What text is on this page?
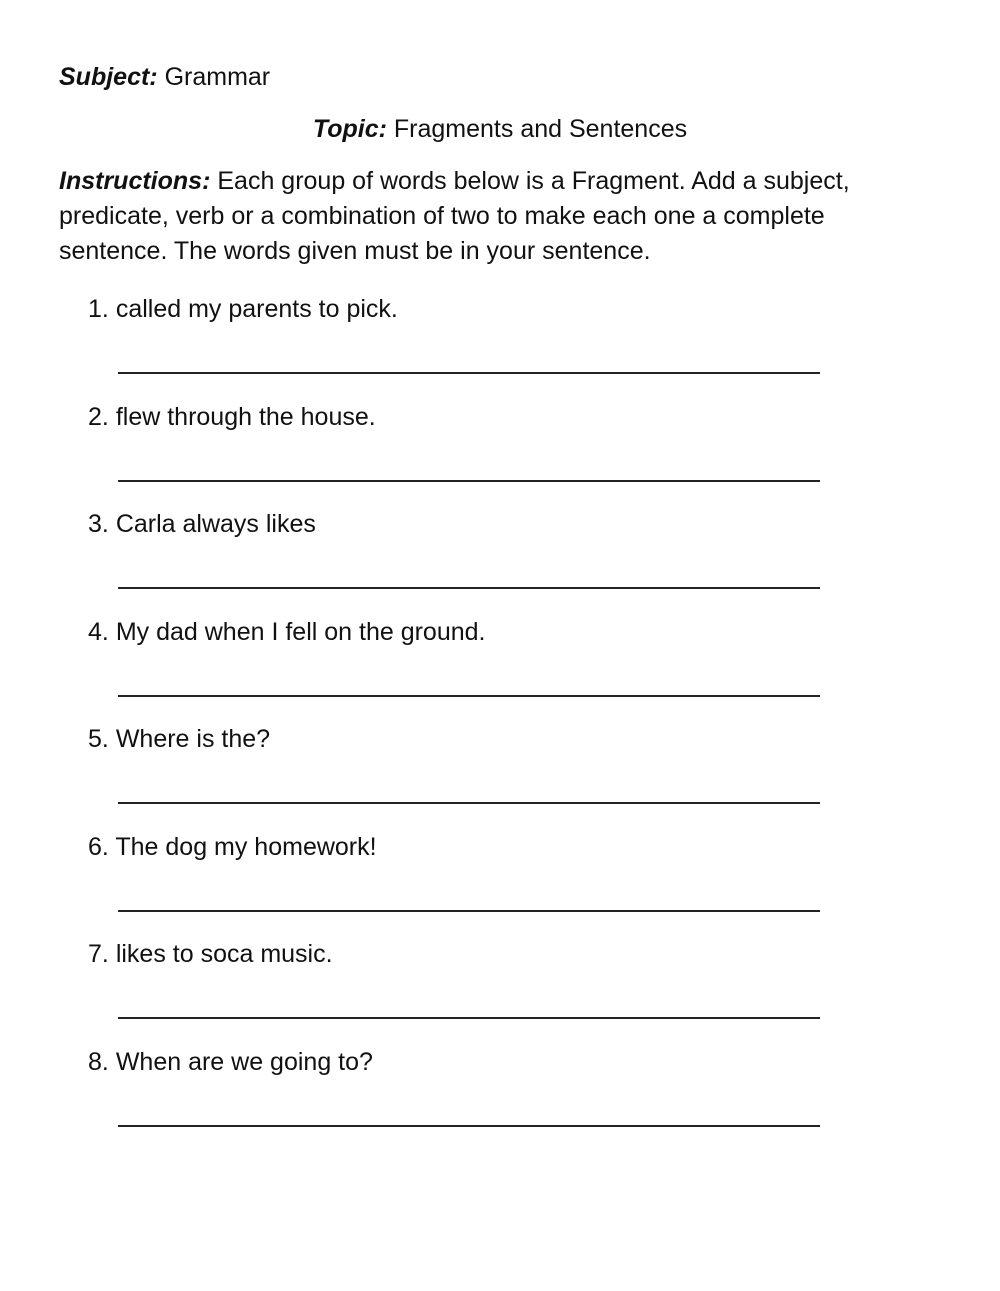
Subject: Grammar
Topic: Fragments and Sentences
Instructions: Each group of words below is a Fragment. Add a subject, predicate, verb or a combination of two to make each one a complete sentence. The words given must be in your sentence.
1. called my parents to pick.
2. flew through the house.
3. Carla always likes
4. My dad when I fell on the ground.
5. Where is the?
6. The dog my homework!
7. likes to soca music.
8. When are we going to?
